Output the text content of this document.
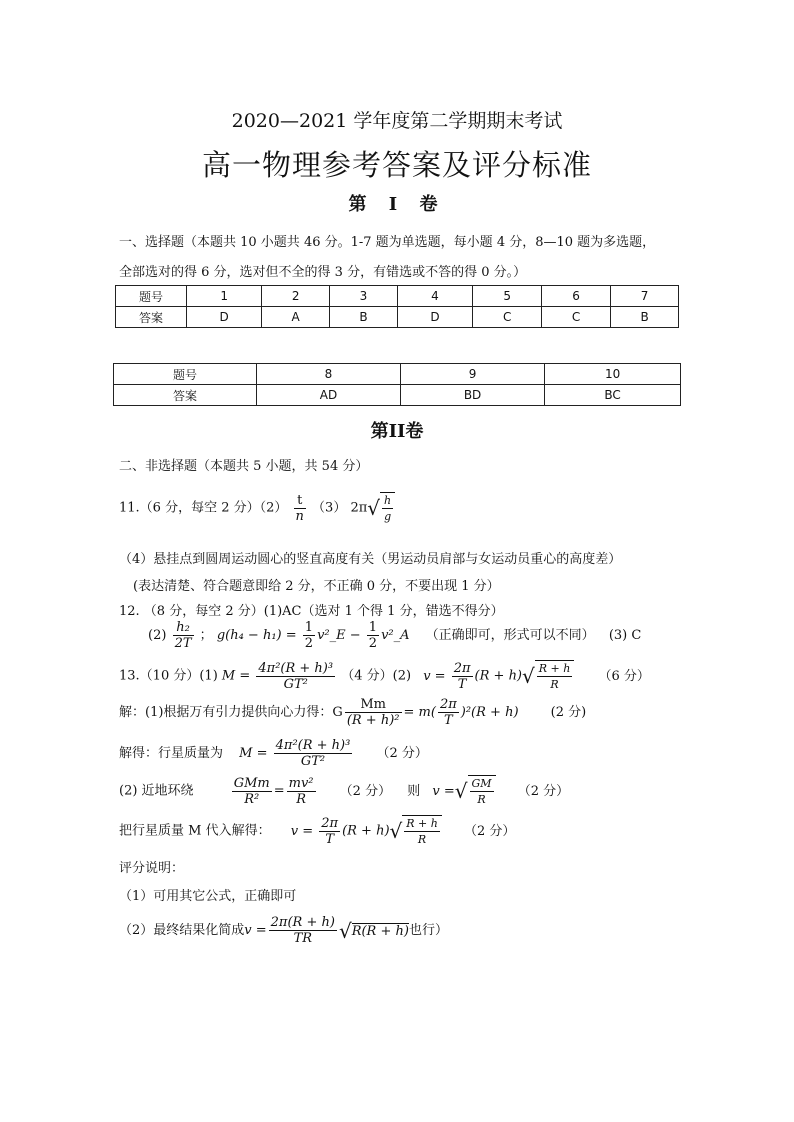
2020—2021 学年度第二学期期末考试
高一物理参考答案及评分标准
第 I 卷
一、选择题（本题共 10 小题共 46 分。1-7 题为单选题，每小题 4 分，8—10 题为多选题，
全部选对的得 6 分，选对但不全的得 3 分，有错选或不答的得 0 分。）
题号	1	2	3	4	5	6	7
答案	D	A	B	D	C	C	B
题号	8	9	10
答案	AD	BD	BC
第II卷
二、非选择题（本题共 5 小题，共 54 分）
11.（6 分，每空 2 分）$(2) \frac{t}{n} (3)$ $2\pi√ \frac{h}{g}$
（4）悬挂点到圆周运动圆心的竖直高度有关（男运动员肩部与女运动员重心的高度差）
(表达清楚、符合题意即给 2 分，不正确 0 分，不要出现 1 分）
12. （8 分，每空 2 分）(1)AC（选对 1 个得 1 分，错选不得分）
$(2) \frac{\text{h₂}}{2T}$ ； $g(h_4 - h_1) = \frac{1}{2}$ v²_E − $\frac{1}{2}$ v²_A （正确即可，形式可以不同） (3) C
13.（10 分）(1) $M = \frac{\text{4π²(R + h)³}}{\text{GT²}} (4$ 分）(2) $v = \frac{2\pi}{T} (R + h)√ \frac{R + h}{R} (6$ 分）
解：(1)根据万有引力提供向心力得：G $\frac{Mm}{\text{(R + h)²}} = m( \frac{2\pi}{T} )^2(R + h)$ (2 分)
解得：行星质量为 $M = \frac{\text{4π²(R + h)³}}{\text{GT²}} (2$ 分）
(2) 近地环绕	$\frac{\text{GMm}}{\text{R²}} = \frac{\text{mv²}}{R} (2$ 分） 则 v =√ $\frac{GM}{R} (2$ 分）
把行星质量 M 代入解得： $v = \frac{2\pi}{T} (R + h)√ \frac{R + h}{R} (2$ 分）
评分说明：
（1）可用其它公式，正确即可
（2）最终结果化简成$v = \frac{2\pi(R + h)}{TR} √R(R + h)$也行）
